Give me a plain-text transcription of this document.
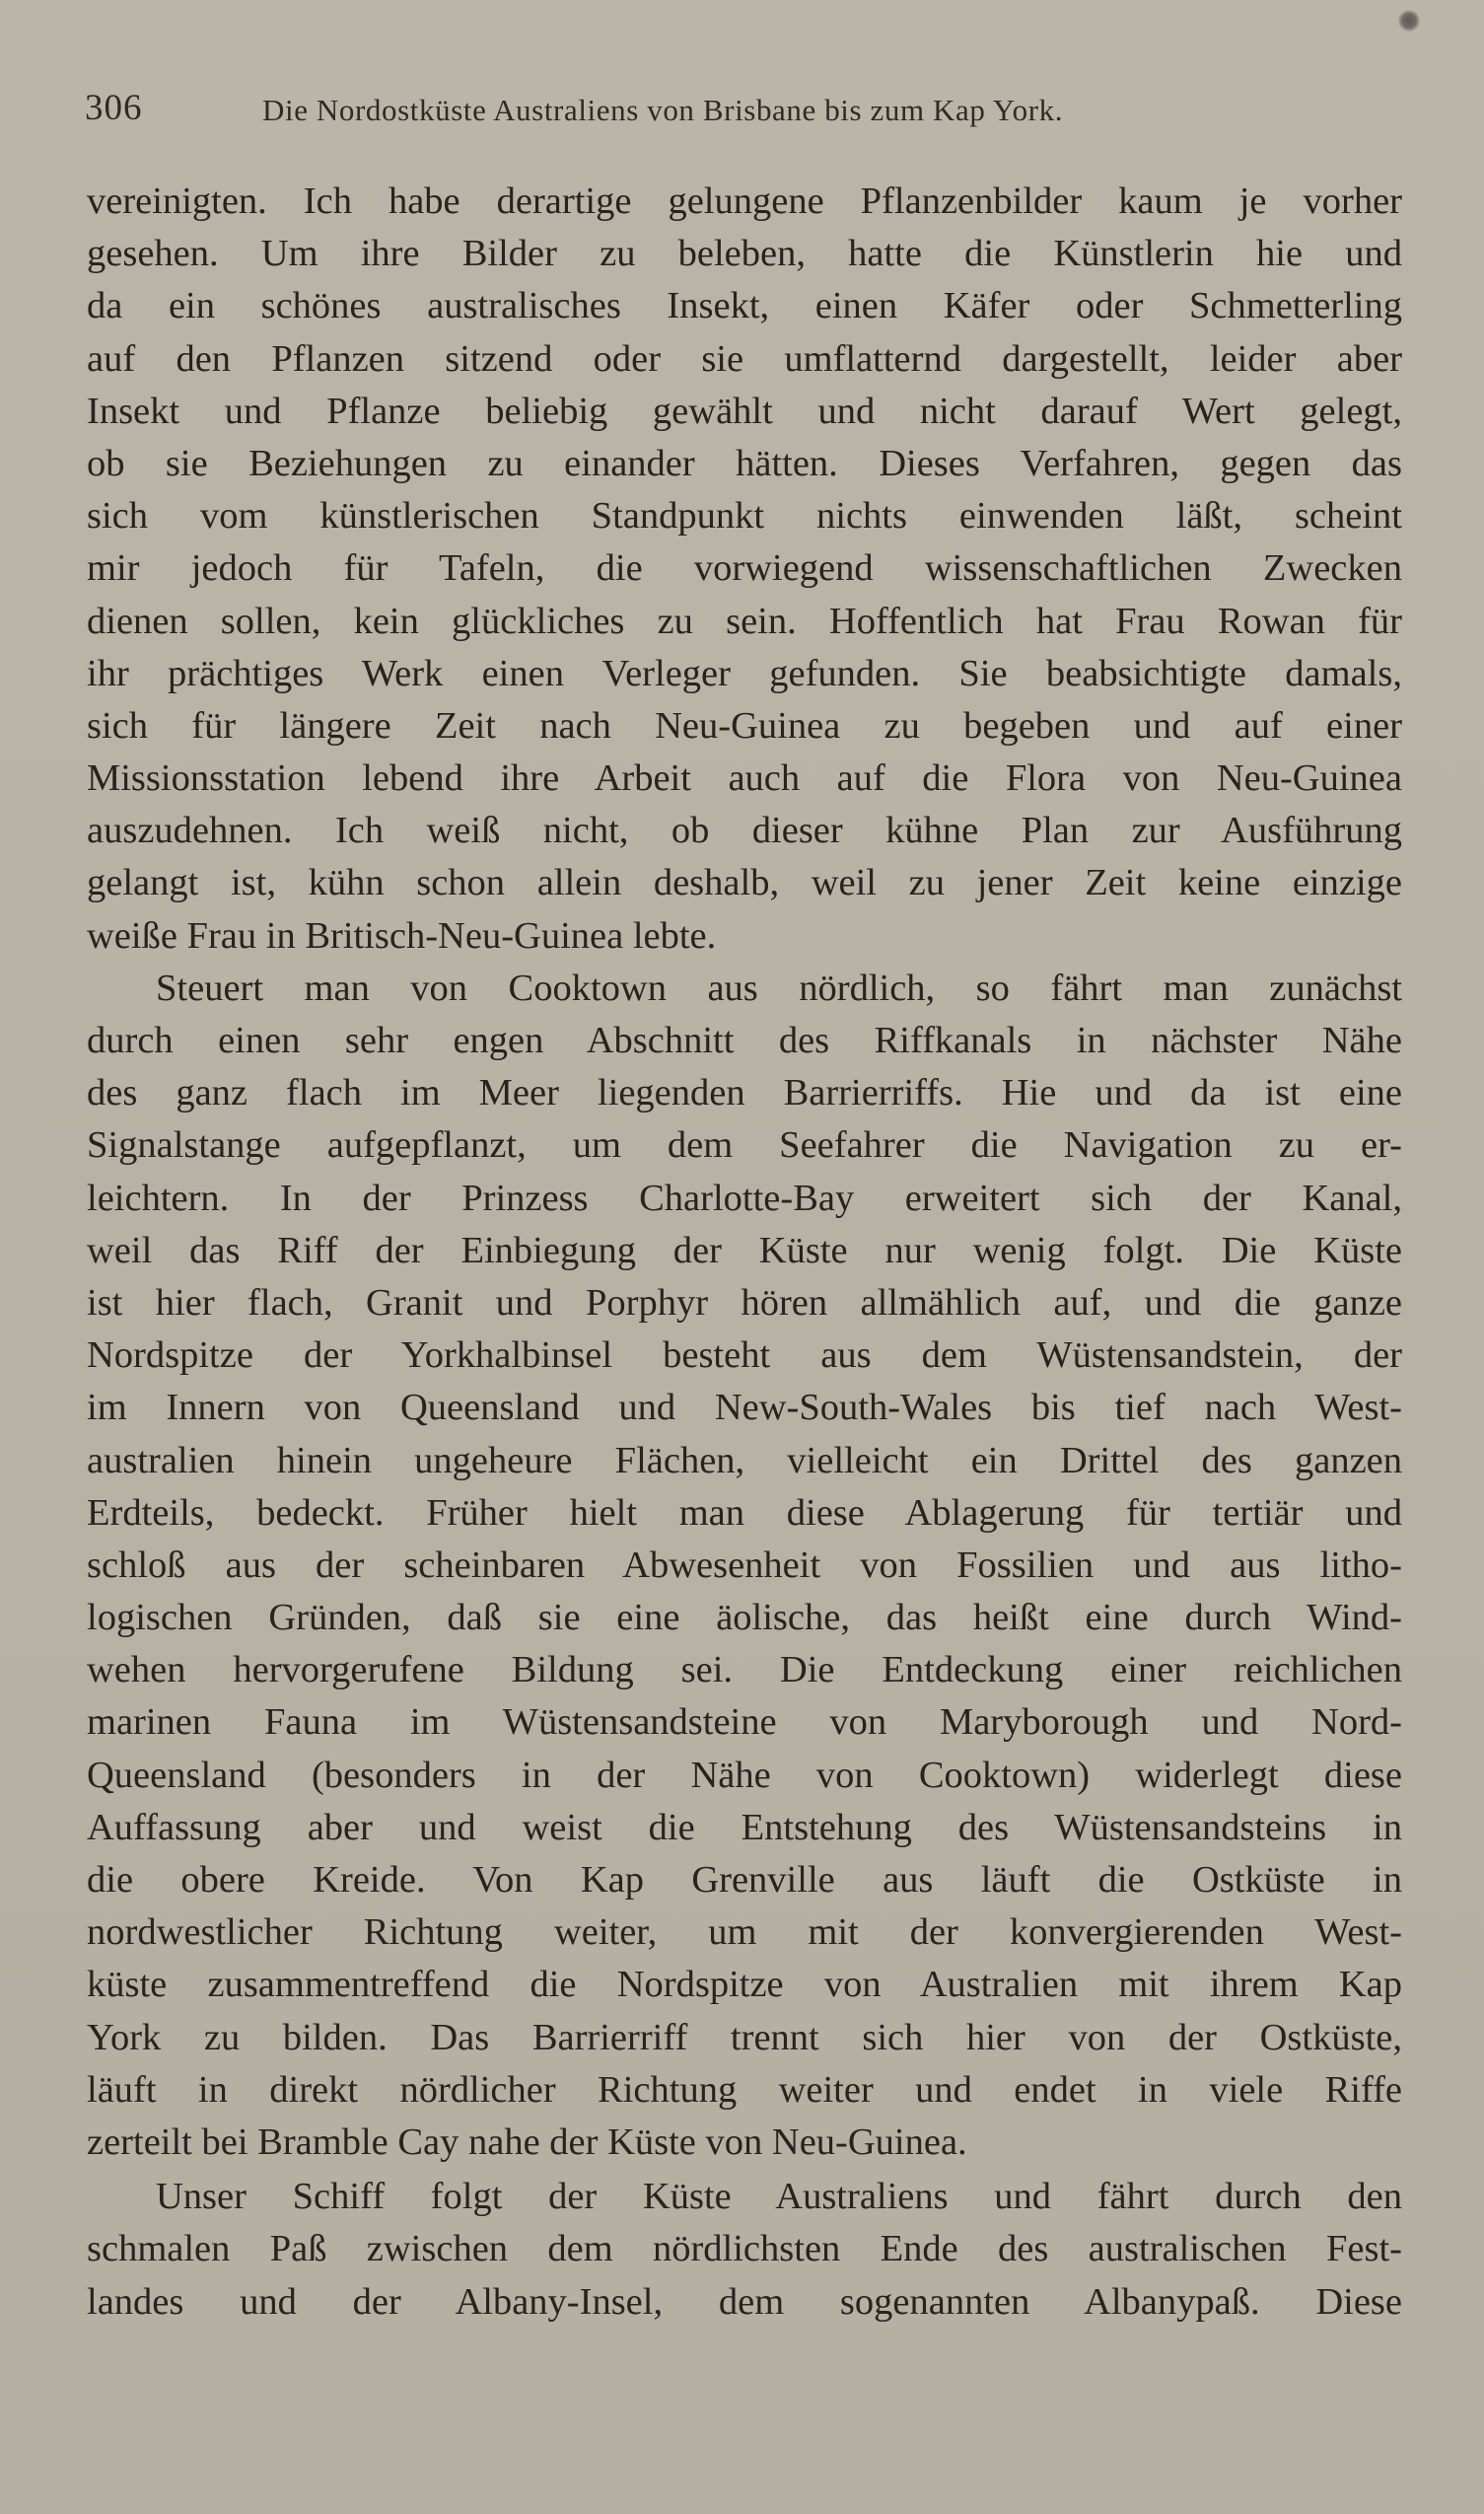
306	Die Nordostküste Australiens von Brisbane bis zum Kap York.
vereinigten. Ich habe derartige gelungene Pflanzenbilder kaum je vorher
gesehen. Um ihre Bilder zu beleben, hatte die Künstlerin hie und
da ein schönes australisches Insekt, einen Käfer oder Schmetterling
auf den Pflanzen sitzend oder sie umflatternd dargestellt, leider aber
Insekt und Pflanze beliebig gewählt und nicht darauf Wert gelegt,
ob sie Beziehungen zu einander hätten. Dieses Verfahren, gegen das
sich vom künstlerischen Standpunkt nichts einwenden läßt, scheint
mir jedoch für Tafeln, die vorwiegend wissenschaftlichen Zwecken
dienen sollen, kein glückliches zu sein. Hoffentlich hat Frau Rowan für
ihr prächtiges Werk einen Verleger gefunden. Sie beabsichtigte damals,
sich für längere Zeit nach Neu-Guinea zu begeben und auf einer
Missionsstation lebend ihre Arbeit auch auf die Flora von Neu-Guinea
auszudehnen. Ich weiß nicht, ob dieser kühne Plan zur Ausführung
gelangt ist, kühn schon allein deshalb, weil zu jener Zeit keine einzige
weiße Frau in Britisch-Neu-Guinea lebte.
Steuert man von Cooktown aus nördlich, so fährt man zunächst
durch einen sehr engen Abschnitt des Riffkanals in nächster Nähe
des ganz flach im Meer liegenden Barrierriffs. Hie und da ist eine
Signalstange aufgepflanzt, um dem Seefahrer die Navigation zu er-
leichtern. In der Prinzess Charlotte-Bay erweitert sich der Kanal,
weil das Riff der Einbiegung der Küste nur wenig folgt. Die Küste
ist hier flach, Granit und Porphyr hören allmählich auf, und die ganze
Nordspitze der Yorkhalbinsel besteht aus dem Wüstensandstein, der
im Innern von Queensland und New-South-Wales bis tief nach West-
australien hinein ungeheure Flächen, vielleicht ein Drittel des ganzen
Erdteils, bedeckt. Früher hielt man diese Ablagerung für tertiär und
schloß aus der scheinbaren Abwesenheit von Fossilien und aus litho-
logischen Gründen, daß sie eine äolische, das heißt eine durch Wind-
wehen hervorgerufene Bildung sei. Die Entdeckung einer reichlichen
marinen Fauna im Wüstensandsteine von Maryborough und Nord-
Queensland (besonders in der Nähe von Cooktown) widerlegt diese
Auffassung aber und weist die Entstehung des Wüstensandsteins in
die obere Kreide. Von Kap Grenville aus läuft die Ostküste in
nordwestlicher Richtung weiter, um mit der konvergierenden West-
küste zusammentreffend die Nordspitze von Australien mit ihrem Kap
York zu bilden. Das Barrierriff trennt sich hier von der Ostküste,
läuft in direkt nördlicher Richtung weiter und endet in viele Riffe
zerteilt bei Bramble Cay nahe der Küste von Neu-Guinea.
Unser Schiff folgt der Küste Australiens und fährt durch den
schmalen Paß zwischen dem nördlichsten Ende des australischen Fest-
landes und der Albany-Insel, dem sogenannten Albanypaß. Diese
